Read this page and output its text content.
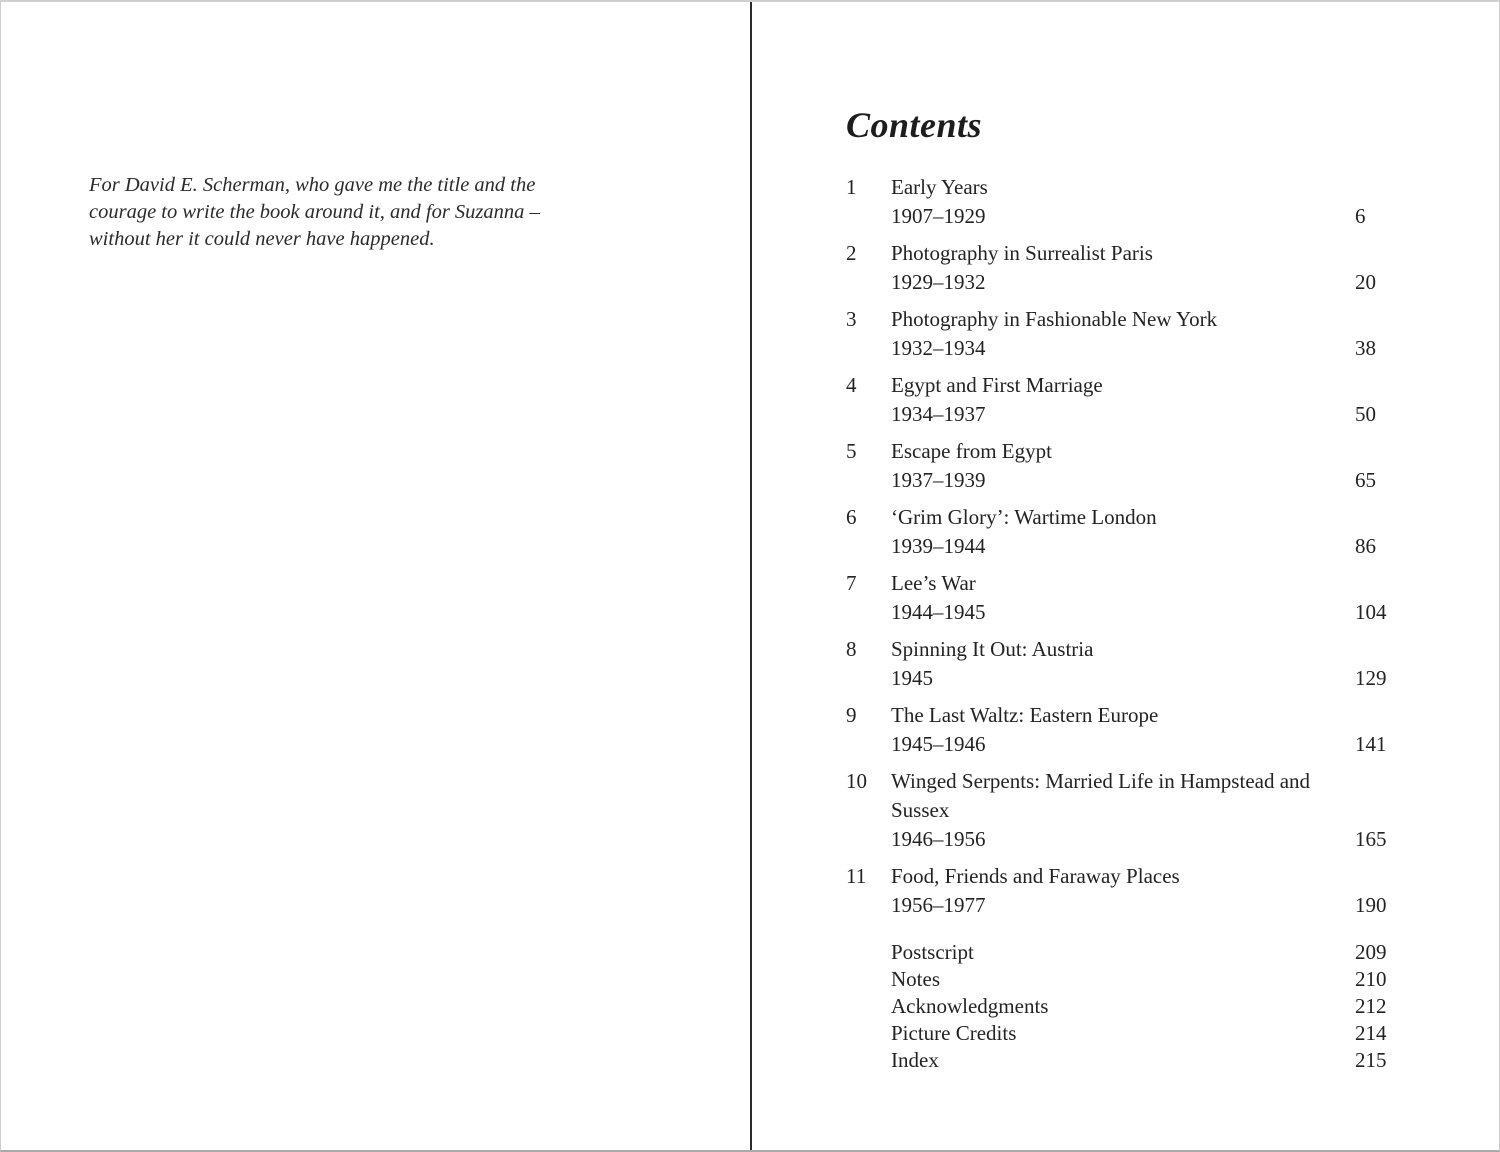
For David E. Scherman, who gave me the title and the
courage to write the book around it, and for Suzanna –
without her it could never have happened.
Contents
1	Early Years
1907–1929	6
2	Photography in Surrealist Paris
1929–1932	20
3	Photography in Fashionable New York
1932–1934	38
4	Egypt and First Marriage
1934–1937	50
5	Escape from Egypt
1937–1939	65
6	‘Grim Glory’: Wartime London
1939–1944	86
7	Lee’s War
1944–1945	104
8	Spinning It Out: Austria
1945	129
9	The Last Waltz: Eastern Europe
1945–1946	141
10	Winged Serpents: Married Life in Hampstead and Sussex
1946–1956	165
11	Food, Friends and Faraway Places
1956–1977	190
Postscript	209
Notes	210
Acknowledgments	212
Picture Credits	214
Index	215
